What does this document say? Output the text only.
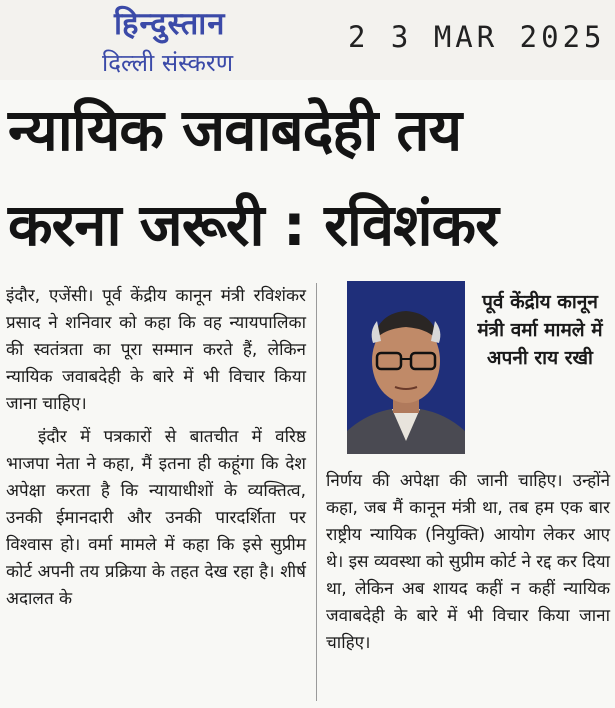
हिन्दुस्तान
दिल्ली संस्करण
2 3 MAR 2025
न्यायिक जवाबदेही तय
करना जरूरी : रविशंकर

इंदौर, एजेंसी। पूर्व केंद्रीय कानून मंत्री रविशंकर प्रसाद ने शनिवार को कहा कि वह न्यायपालिका की स्वतंत्रता का पूरा सम्मान करते हैं, लेकिन न्यायिक जवाबदेही के बारे में भी विचार किया जाना चाहिए।

इंदौर में पत्रकारों से बातचीत में वरिष्ठ भाजपा नेता ने कहा, मैं इतना ही कहूंगा कि देश अपेक्षा करता है कि न्यायाधीशों के व्यक्तित्व, उनकी ईमानदारी और उनकी पारदर्शिता पर विश्वास हो। वर्मा मामले में कहा कि इसे सुप्रीम कोर्ट अपनी तय प्रक्रिया के तहत देख रहा है। शीर्ष अदालत के

पूर्व केंद्रीय कानून मंत्री वर्मा मामले में अपनी राय रखी

निर्णय की अपेक्षा की जानी चाहिए। उन्होंने कहा, जब मैं कानून मंत्री था, तब हम एक बार राष्ट्रीय न्यायिक (नियुक्ति) आयोग लेकर आए थे। इस व्यवस्था को सुप्रीम कोर्ट ने रद्द कर दिया था, लेकिन अब शायद कहीं न कहीं न्यायिक जवाबदेही के बारे में भी विचार किया जाना चाहिए।
